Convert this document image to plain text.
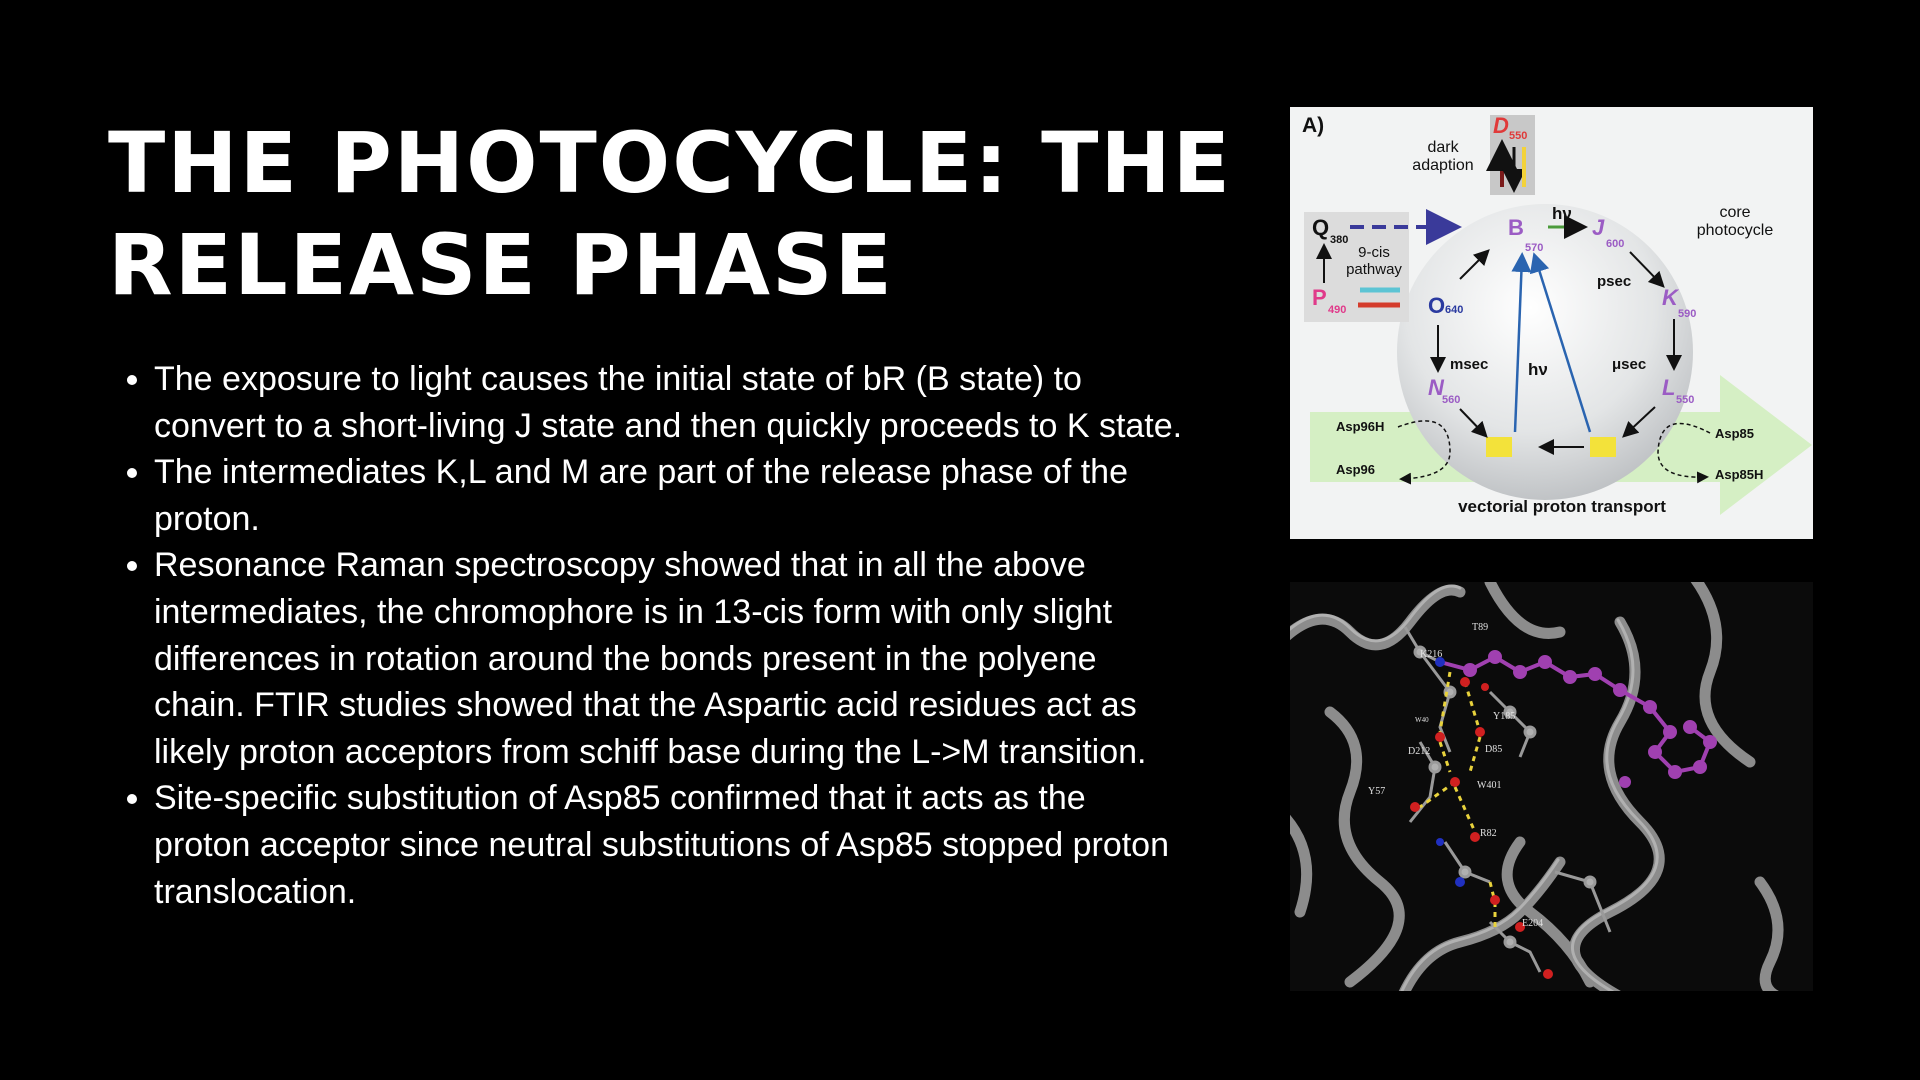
THE PHOTOCYCLE: THE
RELEASE PHASE
• The exposure to light causes the initial state of bR (B state) to convert to a short-living J state and then quickly proceeds to K state.
• The intermediates K,L and M are part of the release phase of the proton.
• Resonance Raman spectroscopy showed that in all the above intermediates, the chromophore is in 13-cis form with only slight differences in rotation around the bonds present in the polyene chain. FTIR studies showed that the Aspartic acid residues act as likely proton acceptors from schiff base during the L->M transition.
• Site-specific substitution of Asp85 confirmed that it acts as the proton acceptor since neutral substitutions of Asp85 stopped proton translocation.
A)
dark
adaption
D 550
core
photocycle
Q 380
9-cis
pathway
P 490
B
570
hν
J
600
psec
K
590
μsec
L 550
hν
O 640
msec
N
560
Asp96H
Asp96
Asp85
Asp85H
vectorial proton transport
T89
K216
Y185
W40
D85
D212
W401
Y57
R82
E204
